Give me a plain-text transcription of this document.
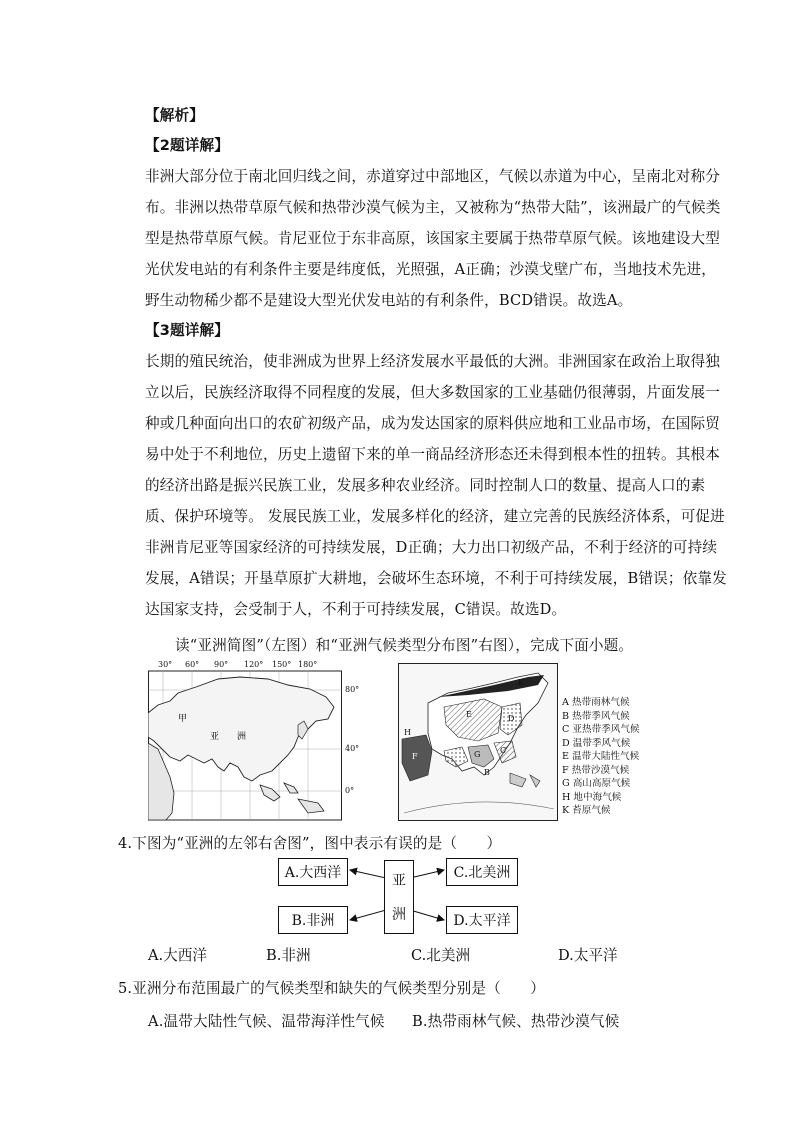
【解析】
【2题详解】
非洲大部分位于南北回归线之间，赤道穿过中部地区，气候以赤道为中心，呈南北对称分
布。非洲以热带草原气候和热带沙漠气候为主，又被称为“热带大陆”，该洲最广的气候类
型是热带草原气候。肯尼亚位于东非高原，该国家主要属于热带草原气候。该地建设大型
光伏发电站的有利条件主要是纬度低，光照强，A正确；沙漠戈壁广布，当地技术先进，
野生动物稀少都不是建设大型光伏发电站的有利条件，BCD错误。故选A。
【3题详解】
长期的殖民统治，使非洲成为世界上经济发展水平最低的大洲。非洲国家在政治上取得独
立以后，民族经济取得不同程度的发展，但大多数国家的工业基础仍很薄弱，片面发展一
种或几种面向出口的农矿初级产品，成为发达国家的原料供应地和工业品市场，在国际贸
易中处于不利地位，历史上遗留下来的单一商品经济形态还未得到根本性的扭转。其根本
的经济出路是振兴民族工业，发展多种农业经济。同时控制人口的数量、提高人口的素
质、保护环境等。 发展民族工业，发展多样化的经济，建立完善的民族经济体系，可促进
非洲肯尼亚等国家经济的可持续发展，D正确；大力出口初级产品，不利于经济的可持续
发展，A错误；开垦草原扩大耕地，会破坏生态环境，不利于可持续发展，B错误；依靠发
达国家支持，会受制于人，不利于可持续发展，C错误。故选D。
读“亚洲简图”（左图）和“亚洲气候类型分布图”右图），完成下面小题。
30° 60° 90° 120° 150° 180°
甲
亚　　洲
80°
40°
0°
E	D
F	G C
B
H
K
A 热带雨林气候
B 热带季风气候
C 亚热带季风气候
D 温带季风气候
E 温带大陆性气候
F 热带沙漠气候
G 高山高原气候
H 地中海气候
K 苔原气候
4.下图为“亚洲的左邻右舍图”，图中表示有误的是（　　）
A.大西洋
B.非洲
亚
洲
C.北美洲
D.太平洋
A.大西洋	B.非洲	C.北美洲	D.太平洋
5.亚洲分布范围最广的气候类型和缺失的气候类型分别是（　　）
A.温带大陆性气候、温带海洋性气候 B.热带雨林气候、热带沙漠气候
